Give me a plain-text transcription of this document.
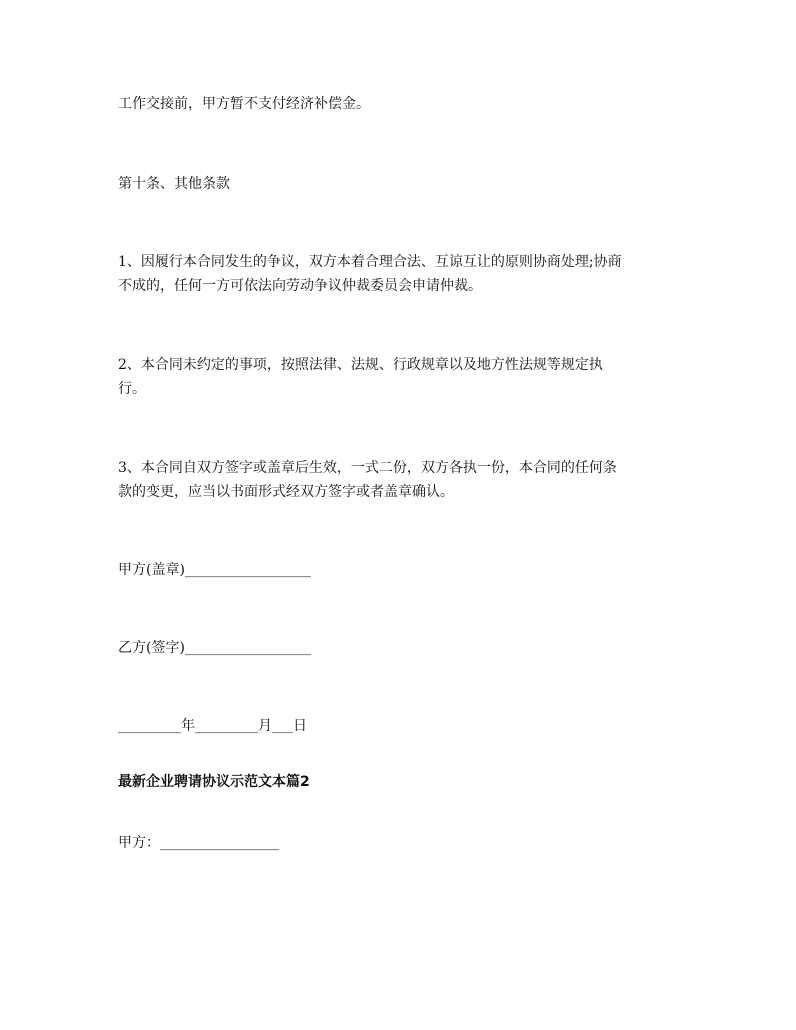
工作交接前，甲方暂不支付经济补偿金。
第十条、其他条款
1、因履行本合同发生的争议，双方本着合理合法、互谅互让的原则协商处理;协商
不成的，任何一方可依法向劳动争议仲裁委员会申请仲裁。
2、本合同未约定的事项，按照法律、法规、行政规章以及地方性法规等规定执
行。
3、本合同自双方签字或盖章后生效，一式二份，双方各执一份，本合同的任何条
款的变更，应当以书面形式经双方签字或者盖章确认。
甲方(盖章)__________________
乙方(签字)__________________
_________年_________月___日
最新企业聘请协议示范文本篇2
甲方：_________________
